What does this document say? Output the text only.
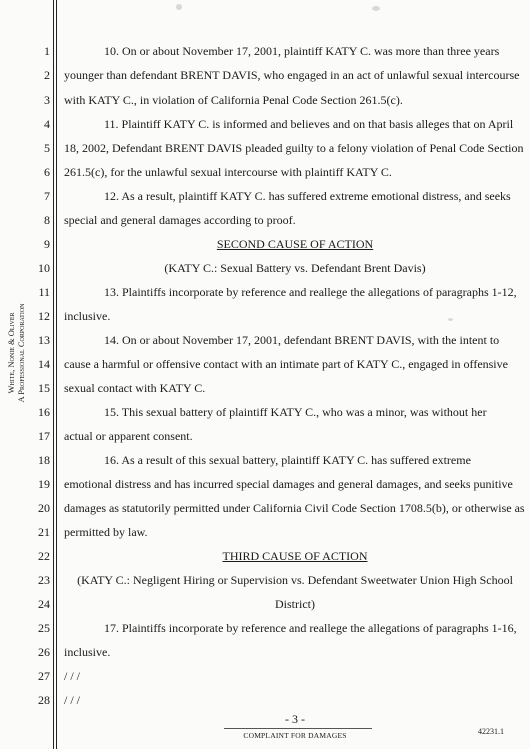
White, Nonie & Oliver A Professional Corporation
1
2
3
4
5
6
7
8
9
10
11
12
13
14
15
16
17
18
19
20
21
22
23
24
25
26
27
28
10. On or about November 17, 2001, plaintiff KATY C. was more than three years
younger than defendant BRENT DAVIS, who engaged in an act of unlawful sexual intercourse
with KATY C., in violation of California Penal Code Section 261.5(c).
11. Plaintiff KATY C. is informed and believes and on that basis alleges that on April
18, 2002, Defendant BRENT DAVIS pleaded guilty to a felony violation of Penal Code Section
261.5(c), for the unlawful sexual intercourse with plaintiff KATY C.
12. As a result, plaintiff KATY C. has suffered extreme emotional distress, and seeks
special and general damages according to proof.
SECOND CAUSE OF ACTION
(KATY C.: Sexual Battery vs. Defendant Brent Davis)
13. Plaintiffs incorporate by reference and reallege the allegations of paragraphs 1-12,
inclusive.
14. On or about November 17, 2001, defendant BRENT DAVIS, with the intent to
cause a harmful or offensive contact with an intimate part of KATY C., engaged in offensive
sexual contact with KATY C.
15. This sexual battery of plaintiff KATY C., who was a minor, was without her
actual or apparent consent.
16. As a result of this sexual battery, plaintiff KATY C. has suffered extreme
emotional distress and has incurred special damages and general damages, and seeks punitive
damages as statutorily permitted under California Civil Code Section 1708.5(b), or otherwise as
permitted by law.
THIRD CAUSE OF ACTION
(KATY C.: Negligent Hiring or Supervision vs. Defendant Sweetwater Union High School
District)
17. Plaintiffs incorporate by reference and reallege the allegations of paragraphs 1-16,
inclusive.
/ / /
/ / /
- 3 -
COMPLAINT FOR DAMAGES	42231.1
